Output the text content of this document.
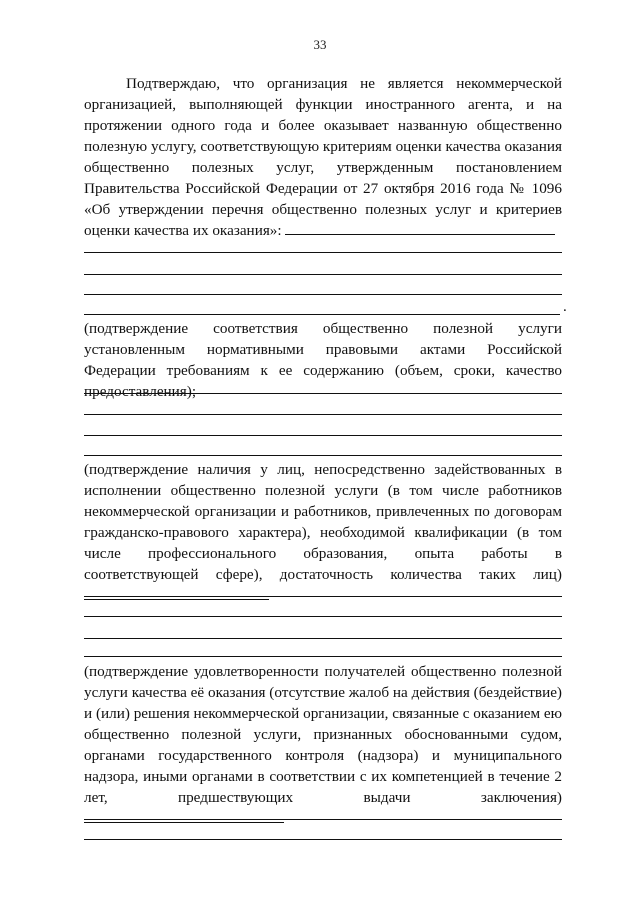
33

Подтверждаю, что организация не является некоммерческой организацией, выполняющей функции иностранного агента, и на протяжении одного года и более оказывает названную общественно полезную услугу, соответствующую критериям оценки качества оказания общественно полезных услуг, утвержденным постановлением Правительства Российской Федерации от 27 октября 2016 года № 1096 «Об утверждении перечня общественно полезных услуг и критериев оценки качества их оказания»:

.

(подтверждение соответствия общественно полезной услуги установленным нормативными правовыми актами Российской Федерации требованиям к ее содержанию (объем, сроки, качество предоставления);

(подтверждение наличия у лиц, непосредственно задействованных в исполнении общественно полезной услуги (в том числе работников некоммерческой организации и работников, привлеченных по договорам гражданско-правового характера), необходимой квалификации (в том числе профессионального образования, опыта работы в соответствующей сфере), достаточность количества таких лиц)

(подтверждение удовлетворенности получателей общественно полезной услуги качества её оказания (отсутствие жалоб на действия (бездействие) и (или) решения некоммерческой организации, связанные с оказанием ею общественно полезной услуги, признанных обоснованными судом, органами государственного контроля (надзора) и муниципального надзора, иными органами в соответствии с их компетенцией в течение 2 лет, предшествующих выдачи заключения)
